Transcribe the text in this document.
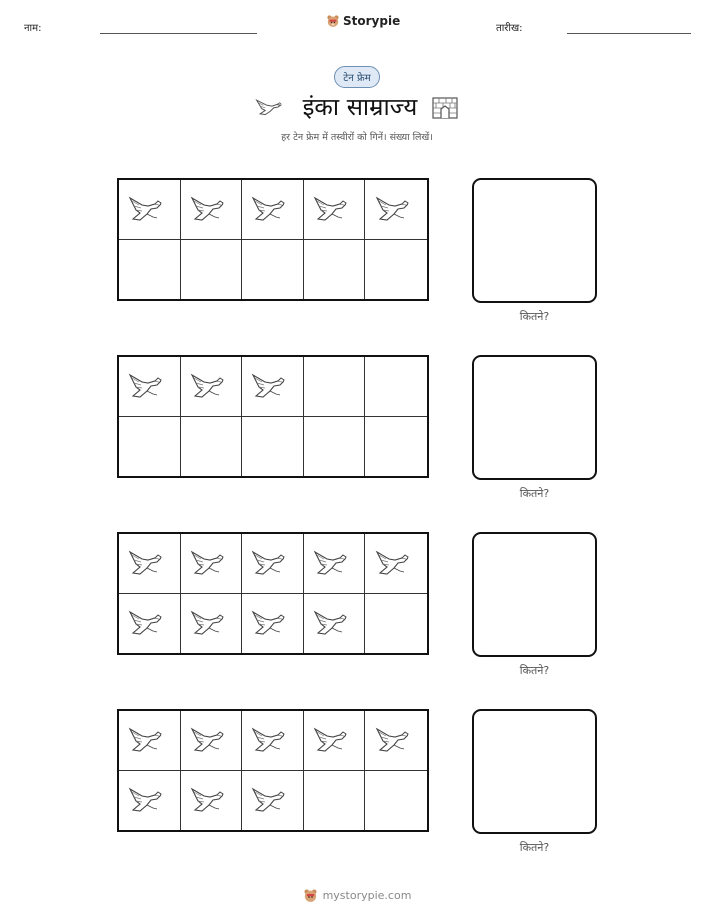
नाम:
Storypie
तारीख:
टेन फ्रेम
इंका साम्राज्य
हर टेन फ्रेम में तस्वीरों को गिनें। संख्या लिखें।
कितने?
कितने?
कितने?
कितने?
mystorypie.com
